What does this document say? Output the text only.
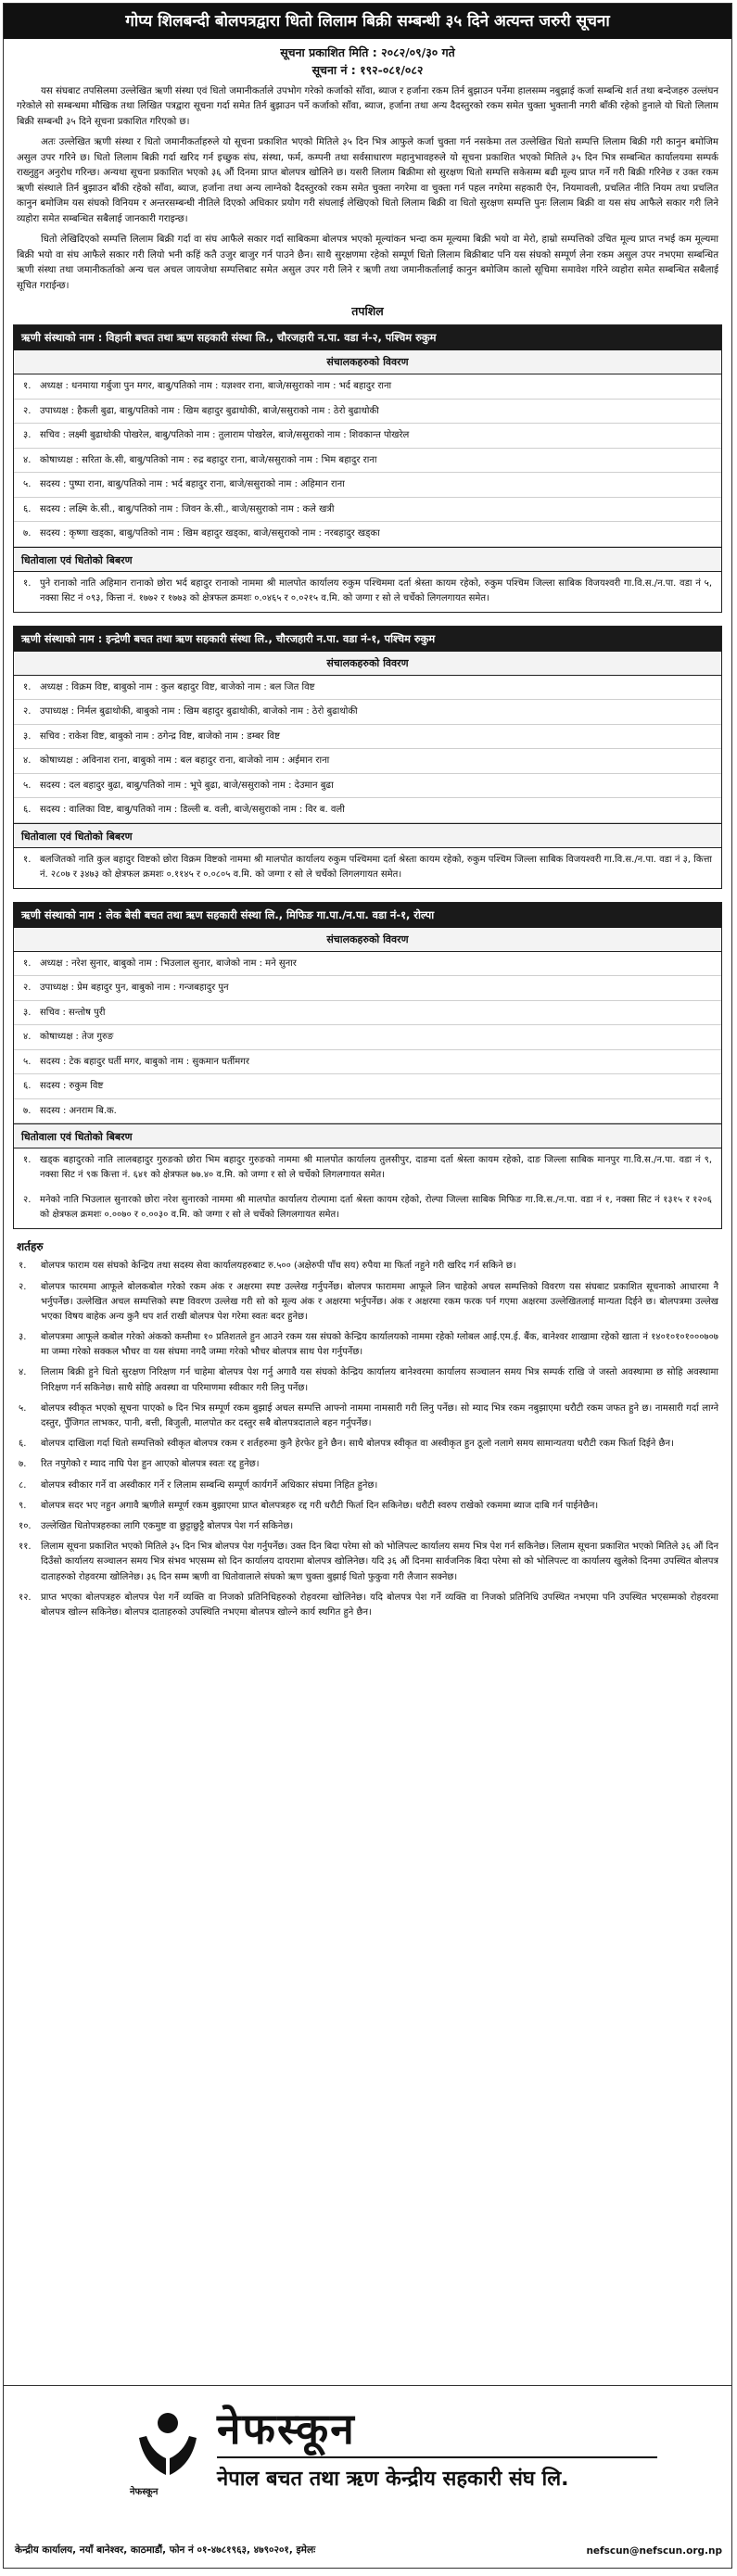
गोप्य शिलबन्दी बोलपत्रद्वारा धितो लिलाम बिक्री सम्बन्धी ३५ दिने अत्यन्त जरुरी सूचना
सूचना प्रकाशित मिति : २०८२/०९/३० गते
सूचना नं : १९२-०८१/०८२
यस संघबाट तपसिलमा उल्लेखित ऋणी संस्था एवं धितो जमानीकर्ताले उपभोग गरेको कर्जाको साँवा, ब्याज र हर्जाना रकम तिर्न बुझाउन पर्नेमा हालसम्म नबुझाई कर्जा सम्बन्धि शर्त तथा बन्देजहरु उल्लंघन गरेकोले सो सम्बन्धमा मौखिक तथा लिखित पत्रद्वारा सूचना गर्दा समेत तिर्न बुझाउन पर्ने कर्जाको साँवा, ब्याज, हर्जाना तथा अन्य दैदस्तुरको रकम समेत चुक्ता भुक्तानी नगरी बाँकी रहेको हुनाले यो धितो लिलाम बिक्री सम्बन्धी ३५ दिने सूचना प्रकाशित गरिएको छ।
अतः उल्लेखित ऋणी संस्था र धितो जमानीकर्ताहरुले यो सूचना प्रकाशित भएको मितिले ३५ दिन भित्र आफुले कर्जा चुक्ता गर्न नसकेमा तल उल्लेखित धितो सम्पत्ति लिलाम बिक्री गरी कानुन बमोजिम असुल उपर गरिने छ। धितो लिलाम बिक्री गर्दा खरिद गर्न इच्छुक संघ, संस्था, फर्म, कम्पनी तथा सर्वसाधारण महानुभावहरुले यो सूचना प्रकाशित भएको मितिले ३५ दिन भित्र सम्बन्धित कार्यालयमा सम्पर्क राख्नुहुन अनुरोध गरिन्छ। अन्यथा सूचना प्रकाशित भएको ३६ औं दिनमा प्राप्त बोलपत्र खोलिने छ। यसरी लिलाम बिक्रीमा सो सुरक्षण धितो सम्पत्ति सकेसम्म बढी मूल्य प्राप्त गर्ने गरी बिक्री गरिनेछ र उक्त रकम ऋणी संस्थाले तिर्न बुझाउन बाँकी रहेको साँवा, ब्याज, हर्जाना तथा अन्य लाग्नेको दैदस्तुरको रकम समेत चुक्ता नगरेमा वा चुक्ता गर्न पहल नगरेमा सहकारी ऐन, नियमावली, प्रचलित नीति नियम तथा प्रचलित कानुन बमोजिम यस संघको विनियम र अन्तरसम्बन्धी नीतिले दिएको अधिकार प्रयोग गरी संघलाई लेखिएको धितो लिलाम बिक्री वा धितो सुरक्षण सम्पत्ति पुनः लिलाम बिक्री वा यस संघ आफैले सकार गरी लिने व्यहोरा समेत सम्बन्धित सबैलाई जानकारी गराइन्छ।
धितो लेखिदिएको सम्पत्ति लिलाम बिक्री गर्दा वा संघ आफैले सकार गर्दा साबिकमा बोलपत्र भएको मूल्यांकन भन्दा कम मूल्यमा बिक्री भयो वा मेरो, हाम्रो सम्पत्तिको उचित मूल्य प्राप्त नभई कम मूल्यमा बिक्री भयो वा संघ आफैले सकार गरी लियो भनी कहिं कतै उजुर बाजुर गर्न पाउने छैन। साथै सुरक्षणमा रहेको सम्पूर्ण धितो लिलाम बिक्रीबाट पनि यस संघको सम्पूर्ण लेना रकम असुल उपर नभएमा सम्बन्धित ऋणी संस्था तथा जमानीकर्ताको अन्य चल अचल जायजेथा सम्पत्तिबाट समेत असुल उपर गरी लिने र ऋणी तथा जमानीकर्तालाई कानुन बमोजिम कालो सूचिमा समावेश गरिने व्यहोरा समेत सम्बन्धित सबैलाई सूचित गराईन्छ।
तपशिल
ऋणी संस्थाको नाम : विहानी बचत तथा ऋण सहकारी संस्था लि., चौरजहारी न.पा. वडा नं-२, पश्चिम रुकुम
संचालकहरुको विवरण
१. अध्यक्ष : धनमाया गर्बुजा पुन मगर, बाबु/पतिको नाम : यज्ञश्वर राना, बाजे/ससुराको नाम : भर्द बहादुर राना
२. उपाध्यक्ष : हैकली बुढा, बाबु/पतिको नाम : खिम बहादुर बुढाथोकी, बाजे/ससुराको नाम : ठेरो बुढाथोकी
३. सचिव : लक्ष्मी बुढाथोकी पोखरेल, बाबु/पतिको नाम : तुलाराम पोखरेल, बाजे/ससुराको नाम : शिवकान्त पोखरेल
४. कोषाध्यक्ष : सरिता के.सी, बाबु/पतिको नाम : रुद्र बहादुर राना, बाजे/ससुराको नाम : भिम बहादुर राना
५. सदस्य : पुष्पा राना, बाबु/पतिको नाम : भर्द बहादुर राना, बाजे/ससुराको नाम : अहिमान राना
६. सदस्य : लक्ष्मि के.सी., बाबु/पतिको नाम : जिवन के.सी., बाजे/ससुराको नाम : कले खत्री
७. सदस्य : कृष्णा खड्का, बाबु/पतिको नाम : खिम बहादुर खड्का, बाजे/ससुराको नाम : नरबहादुर खड्का
धितोवाला एवं धितोको बिबरण
१. पुने रानाको नाति अहिमान रानाको छोरा भर्द बहादुर रानाको नाममा श्री मालपोत कार्यालय रुकुम पश्चिममा दर्ता श्रेस्ता कायम रहेको, रुकुम पश्चिम जिल्ला साबिक विजयश्वरी गा.वि.स./न.पा. वडा नं ५, नक्सा सिट नं ०९३, कित्ता नं. १७७२ र १७७३ को क्षेत्रफल क्रमशः ०.०४६५ र ०.०२१५ व.मि. को जग्गा र सो ले चर्चेको लिगलगायत समेत।
ऋणी संस्थाको नाम : इन्द्रेणी बचत तथा ऋण सहकारी संस्था लि., चौरजहारी न.पा. वडा नं-१, पश्चिम रुकुम
संचालकहरुको विवरण
१. अध्यक्ष : विक्रम विष्ट, बाबुको नाम : कुल बहादुर विष्ट, बाजेको नाम : बल जित विष्ट
२. उपाध्यक्ष : निर्मल बुढाथोकी, बाबुको नाम : खिम बहादुर बुढाथोकी, बाजेको नाम : ठेरो बुढाथोकी
३. सचिव : राकेश विष्ट, बाबुको नाम : ठगेन्द्र विष्ट, बाजेको नाम : डम्बर विष्ट
४. कोषाध्यक्ष : अविनाश राना, बाबुको नाम : बल बहादुर राना, बाजेको नाम : अईमान राना
५. सदस्य : दल बहादुर बुढा, बाबु/पतिको नाम : भूपे बुढा, बाजे/ससुराको नाम : देउमान बुढा
६. सदस्य : वालिका विष्ट, बाबु/पतिको नाम : डिल्ली ब. वली, बाजे/ससुराको नाम : विर ब. वली
धितोवाला एवं धितोको बिबरण
१. बलजितको नाति कुल बहादुर विष्टको छोरा विक्रम विष्टको नाममा श्री मालपोत कार्यालय रुकुम पश्चिममा दर्ता श्रेस्ता कायम रहेको, रुकुम पश्चिम जिल्ला साबिक विजयश्वरी गा.वि.स./न.पा. वडा नं ३, कित्ता नं. २८०७ र ३४७३ को क्षेत्रफल क्रमशः ०.११४५ र ०.०८०५ व.मि. को जग्गा र सो ले चर्चेको लिगलगायत समेत।
ऋणी संस्थाको नाम : लेक बेसी बचत तथा ऋण सहकारी संस्था लि., मिफिङ गा.पा./न.पा. वडा नं-१, रोल्पा
संचालकहरुको विवरण
१. अध्यक्ष : नरेश सुनार, बाबुको नाम : भिउलाल सुनार, बाजेको नाम : मने सुनार
२. उपाध्यक्ष : प्रेम बहादुर पुन, बाबुको नाम : गन्जबहादुर पुन
३. सचिव : सन्तोष पुरी
४. कोषाध्यक्ष : तेज गुरुङ
५. सदस्य : टेक बहादुर घर्ती मगर, बाबुको नाम : सुकमान घर्तीमगर
६. सदस्य : रुकुम विष्ट
७. सदस्य : अनराम बि.क.
धितोवाला एवं धितोको बिबरण
१. खड्क बहादुरको नाति लालबहादुर गुरुङको छोरा भिम बहादुर गुरुङको नाममा श्री मालपोत कार्यालय तुलसीपुर, दाङमा दर्ता श्रेस्ता कायम रहेको, दाङ जिल्ला साबिक मानपुर गा.वि.स./न.पा. वडा नं ९, नक्सा सिट नं ९क कित्ता नं. ६४१ को क्षेत्रफल ७७.४० व.मि. को जग्गा र सो ले चर्चेको लिगलगायत समेत।
२. मनेको नाति भिउलाल सुनारको छोरा नरेश सुनारको नाममा श्री मालपोत कार्यालय रोल्पामा दर्ता श्रेस्ता कायम रहेको, रोल्पा जिल्ला साबिक मिफिङ गा.वि.स./न.पा. वडा नं १, नक्सा सिट नं १३१५ र १२०६ को क्षेत्रफल क्रमशः ०.००७० र ०.००३० व.मि. को जग्गा र सो ले चर्चेको लिगलगायत समेत।
शर्तहरु
१. बोलपत्र फाराम यस संघको केन्द्रिय तथा सदस्य सेवा कार्यालयहरुबाट रु.५०० (अक्षेरुपी पाँच सय) रुपैया मा फिर्ता नहुने गरी खरिद गर्न सकिने छ।
२. बोलपत्र फारममा आफूले बोलकबोल गरेको रकम अंक र अक्षरमा स्पष्ट उल्लेख गर्नुपर्नेछ। बोलपत्र फाराममा आफूले लिन चाहेको अचल सम्पत्तिको विवरण यस संघबाट प्रकाशित सूचनाको आधारमा नै भर्नुपर्नेछ। उल्लेखित अचल सम्पत्तिको स्पष्ट विवरण उल्लेख गरी सो को मूल्य अंक र अक्षरमा भर्नुपर्नेछ। अंक र अक्षरमा रकम फरक पर्न गएमा अक्षरमा उल्लेखितलाई मान्यता दिईने छ। बोलपत्रमा उल्लेख भएका विषय बाहेक अन्य कुनै थप शर्त राखी बोलपत्र पेश गरेमा स्वतः बदर हुनेछ।
३. बोलपत्रमा आफूले कबोल गरेको अंकको कम्तीमा १० प्रतिशतले हुन आउने रकम यस संघको केन्द्रिय कार्यालयको नाममा रहेको ग्लोबल आई.एम.ई. बैंक, बानेश्वर शाखामा रहेको खाता नं १४०१०१०१०००७०७ मा जम्मा गरेको सक्कल भौचर वा यस संघमा नगदै जम्मा गरेको भौचर बोलपत्र साथ पेश गर्नुपर्नेछ।
४. लिलाम बिक्री हुने धितो सुरक्षण निरिक्षण गर्न चाहेमा बोलपत्र पेश गर्नु अगावै यस संघको केन्द्रिय कार्यालय बानेश्वरमा कार्यालय सञ्चालन समय भित्र सम्पर्क राखि जे जस्तो अवस्थामा छ सोहि अवस्थामा निरिक्षण गर्न सकिनेछ। साथै सोहि अवस्था वा परिमाणमा स्वीकार गरी लिनु पर्नेछ।
५. बोलपत्र स्वीकृत भएको सूचना पाएको ७ दिन भित्र सम्पूर्ण रकम बुझाई अचल सम्पत्ति आफ्नो नाममा नामसारी गरी लिनु पर्नेछ। सो म्याद भित्र रकम नबुझाएमा धरौटी रकम जफत हुने छ। नामसारी गर्दा लाग्ने दस्तुर, पुँजिगत लाभकर, पानी, बत्ती, बिजुली, मालपोत कर दस्तुर सबै बोलपत्रदाताले बहन गर्नुपर्नेछ।
६. बोलपत्र दाखिला गर्दा धितो सम्पत्तिको स्वीकृत बोलपत्र रकम र शर्तहरुमा कुनै हेरफेर हुने छैन। साथै बोलपत्र स्वीकृत वा अस्वीकृत हुन ठूलो नलागे समय सामान्यतया धरौटी रकम फिर्ता दिईने छैन।
७. रित नपुगेको र म्याद नाघि पेश हुन आएको बोलपत्र स्वतः रद्द हुनेछ।
८. बोलपत्र स्वीकार गर्ने वा अस्वीकार गर्ने र लिलाम सम्बन्धि सम्पूर्ण कार्यगर्ने अधिकार संघमा निहित हुनेछ।
९. बोलपत्र सदर भए नहुन अगावै ऋणीले सम्पूर्ण रकम बुझाएमा प्राप्त बोलपत्रहरु रद्द गरी धरौटी फिर्ता दिन सकिनेछ। धरौटी स्वरुप राखेको रकममा ब्याज दाबि गर्न पाईनेछैन।
१०. उल्लेखित धितोपत्रहरुका लागि एकमुष्ट वा छुट्टाछुट्टै बोलपत्र पेश गर्न सकिनेछ।
११. लिलाम सूचना प्रकाशित भएको मितिले ३५ दिन भित्र बोलपत्र पेश गर्नुपर्नेछ। उक्त दिन बिदा परेमा सो को भोलिपल्ट कार्यालय समय भित्र पेश गर्न सकिनेछ। लिलाम सूचना प्रकाशित भएको मितिले ३६ औं दिन दिउँसो कार्यालय सञ्चालन समय भित्र संभव भएसम्म सो दिन कार्यालय दायरामा बोलपत्र खोलिनेछ। यदि ३६ औं दिनमा सार्वजनिक बिदा परेमा सो को भोलिपल्ट वा कार्यालय खुलेको दिनमा उपस्थित बोलपत्र दाताहरुको रोहवरमा खोलिनेछ। ३६ दिन सम्म ऋणी वा धितोवालाले संघको ऋण चुक्ता बुझाई धितो फुकुवा गरी लैजान सक्नेछ।
१२. प्राप्त भएका बोलपत्रहरु बोलपत्र पेश गर्ने व्यक्ति वा निजको प्रतिनिधिहरुको रोहवरमा खोलिनेछ। यदि बोलपत्र पेश गर्ने व्यक्ति वा निजको प्रतिनिधि उपस्थित नभएमा पनि उपस्थित भएसम्मको रोहवरमा बोलपत्र खोल्न सकिनेछ। बोलपत्र दाताहरुको उपस्थिति नभएमा बोलपत्र खोल्ने कार्य स्थगित हुने छैन।
नेफस्कून
नेफस्कून
नेपाल बचत तथा ऋण केन्द्रीय सहकारी संघ लि.
केन्द्रीय कार्यालय, नयाँ बानेश्वर, काठमाडौं, फोन नं ०१-४७८१९६३, ४७९०२०१, इमेलः	nefscun@nefscun.org.np
